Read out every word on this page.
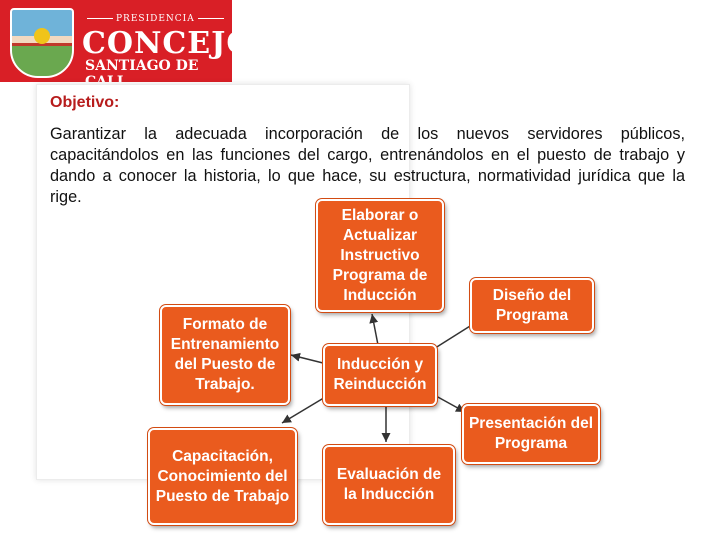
PRESIDENCIA
CONCEJO
SANTIAGO DE CALI
Objetivo:
Garantizar la adecuada incorporación de los nuevos servidores públicos, capacitándolos en las funciones del cargo, entrenándolos en el puesto de trabajo y dando a conocer la historia, lo que hace, su estructura, normatividad jurídica que la rige.
Elaborar o Actualizar Instructivo Programa de Inducción	Diseño del Programa
Inducción y Reinducción
Formato de Entrenamiento del Puesto de Trabajo.
Presentación del Programa
Evaluación de la Inducción
Capacitación, Conocimiento del Puesto de Trabajo
